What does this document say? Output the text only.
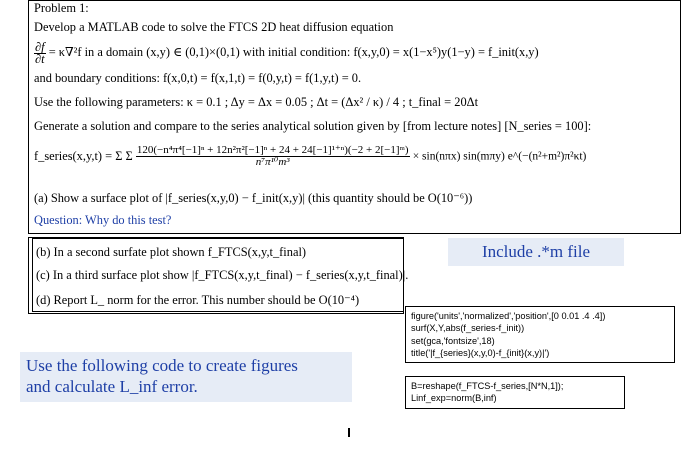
Problem 1:
Develop a MATLAB code to solve the FTCS 2D heat diffusion equation
$\frac{\partial f}{\partial t} = \kappa\nabla^2f$ in a domain (x,y) ∈ (0,1)×(0,1) with initial condition: f(x,y,0) = x(1−x⁵)y(1−y) = f_init(x,y)
and boundary conditions: f(x,0,t) = f(x,1,t) = f(0,y,t) = f(1,y,t) = 0.
Use the following parameters: κ = 0.1 ; Δy = Δx = 0.05 ; Δt = (Δx² / κ) / 4 ; t_final = 20Δt
Generate a solution and compare to the series analytical solution given by [from lecture notes] [N_series = 100]:
f_series(x,y,t) = Σ Σ $\frac{\text{120(−n⁴π⁴[−1]ⁿ + 12n²π²[−1]ⁿ + 24 + 24[−1]¹⁺ⁿ)(−2 + 2[−1]ᵐ)}}{\text{n⁷π¹⁰m³}} \times \sin(n\pi x)$ sin(mπy) e^(−(n²+m²)π²κt)
(a) Show a surface plot of |f_series(x,y,0) − f_init(x,y)| (this quantity should be O(10⁻⁶))
Question: Why do this test?
(b) In a second surfate plot shown f_FTCS(x,y,t_final)
(c) In a third surface plot show |f_FTCS(x,y,t_final) − f_series(x,y,t_final)|.
(d) Report L_ norm for the error. This number should be O(10⁻⁴)
Include .*m file
Use the following code to create figures
and calculate L_inf error.
figure('units','normalized','position',[0 0.01 .4 .4])
surf(X,Y,abs(f_series-f_init))
set(gca,'fontsize',18)
title('|f_{series}(x,y,0)-f_{init}(x,y)|')
B=reshape(f_FTCS-f_series,[N*N,1]);
Linf_exp=norm(B,inf)
